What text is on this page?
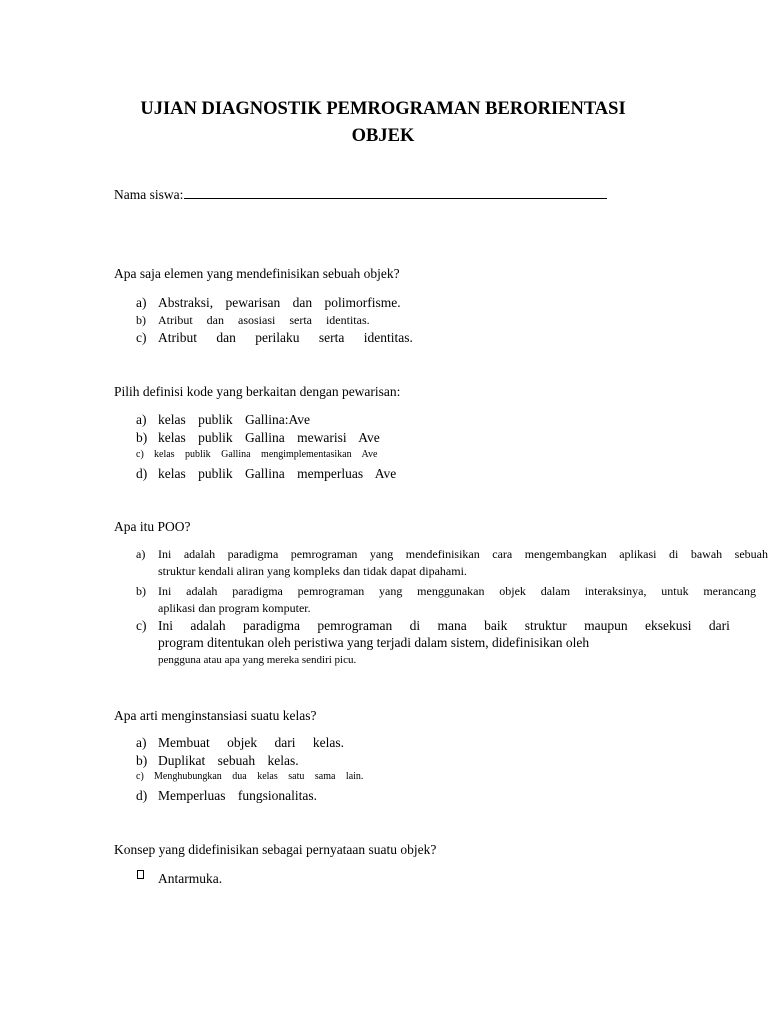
UJIAN DIAGNOSTIK PEMROGRAMAN BERORIENTASI
OBJEK
Nama siswa:
Apa saja elemen yang mendefinisikan sebuah objek?
a) Abstraksi, pewarisan dan polimorfisme.
b) Atribut dan asosiasi serta identitas.
c) Atribut dan perilaku serta identitas.
Pilih definisi kode yang berkaitan dengan pewarisan:
a) kelas publik Gallina:Ave
b) kelas publik Gallina mewarisi Ave
c) kelas publik Gallina mengimplementasikan Ave
d) kelas publik Gallina memperluas Ave
Apa itu POO?
a)	Ini adalah paradigma pemrograman yang mendefinisikan cara mengembangkan aplikasi di bawah sebuah
struktur kendali aliran yang kompleks dan tidak dapat dipahami.
b)	Ini adalah paradigma pemrograman yang menggunakan objek dalam interaksinya, untuk merancang
aplikasi dan program komputer.
c) Ini adalah paradigma pemrograman di mana baik struktur maupun eksekusi dari
program ditentukan oleh peristiwa yang terjadi dalam sistem, didefinisikan oleh
pengguna atau apa yang mereka sendiri picu.
Apa arti menginstansiasi suatu kelas?
a) Membuat objek dari kelas.
b) Duplikat sebuah kelas.
c) Menghubungkan dua kelas satu sama lain.
d) Memperluas fungsionalitas.
Konsep yang didefinisikan sebagai pernyataan suatu objek?
Antarmuka.
